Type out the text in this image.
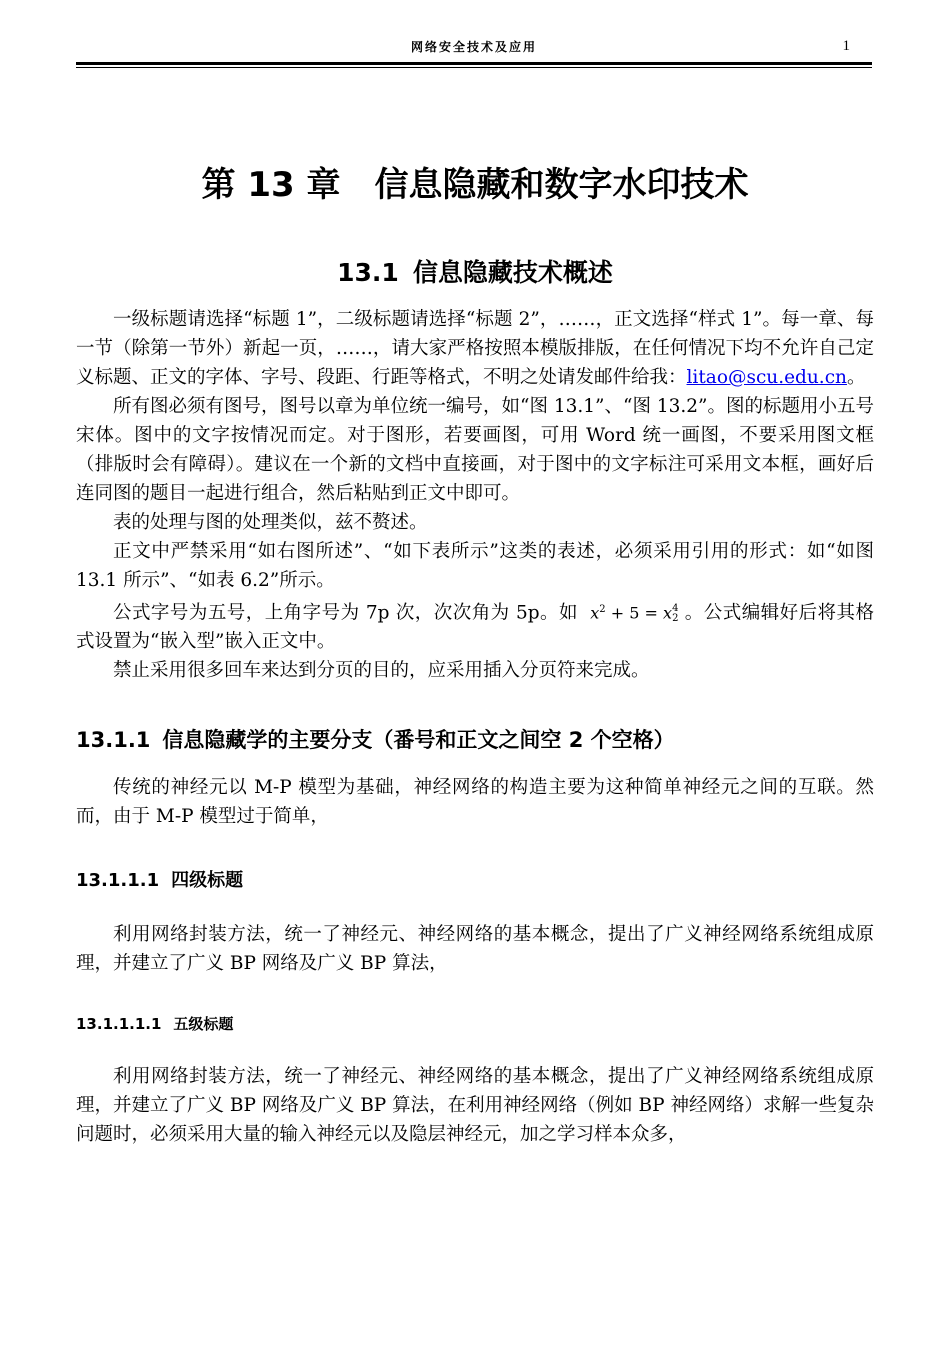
网络安全技术及应用	1
第 13 章 信息隐藏和数字水印技术
13.1 信息隐藏技术概述

一级标题请选择“标题 1”，二级标题请选择“标题 2”，……，正文选择“样式 1”。每一章、每一节（除第一节外）新起一页，……，请大家严格按照本模版排版，在任何情况下均不允许自己定义标题、正文的字体、字号、段距、行距等格式，不明之处请发邮件给我：litao@scu.edu.cn。

所有图必须有图号，图号以章为单位统一编号，如“图 13.1”、“图 13.2”。图的标题用小五号宋体。图中的文字按情况而定。对于图形，若要画图，可用 Word 统一画图，不要采用图文框（排版时会有障碍）。建议在一个新的文档中直接画，对于图中的文字标注可采用文本框，画好后连同图的题目一起进行组合，然后粘贴到正文中即可。

表的处理与图的处理类似，兹不赘述。

正文中严禁采用“如右图所述”、“如下表所示”这类的表述，必须采用引用的形式：如“如图 13.1 所示”、“如表 6.2”所示。

公式字号为五号，上角字号为 7p 次，次次角为 5p。如 $x^2 + 5 = x$ 4
2 。公式编辑好后将其格式设置为“嵌入型”嵌入正文中。

禁止采用很多回车来达到分页的目的，应采用插入分页符来完成。

13.1.1 信息隐藏学的主要分支（番号和正文之间空 2 个空格）

传统的神经元以 M-P 模型为基础，神经网络的构造主要为这种简单神经元之间的互联。然而，由于 M-P 模型过于简单，

13.1.1.1 四级标题

利用网络封装方法，统一了神经元、神经网络的基本概念，提出了广义神经网络系统组成原理，并建立了广义 BP 网络及广义 BP 算法，

13.1.1.1.1 五级标题

利用网络封装方法，统一了神经元、神经网络的基本概念，提出了广义神经网络系统组成原理，并建立了广义 BP 网络及广义 BP 算法，在利用神经网络（例如 BP 神经网络）求解一些复杂问题时，必须采用大量的输入神经元以及隐层神经元，加之学习样本众多，
